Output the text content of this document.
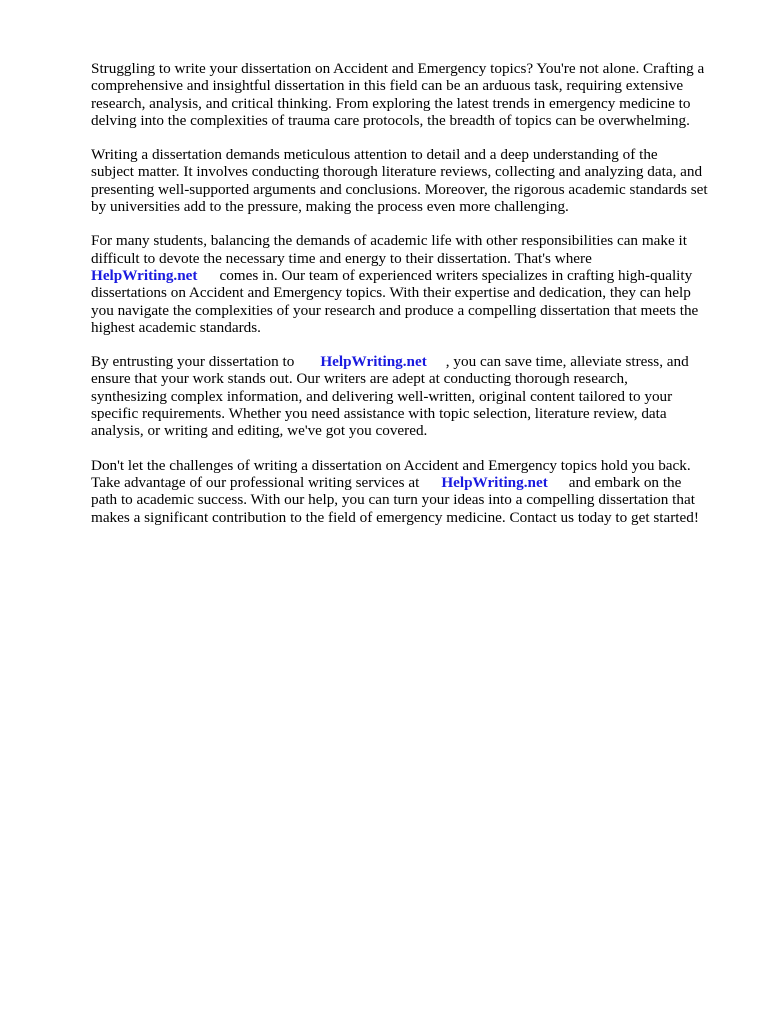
Struggling to write your dissertation on Accident and Emergency topics? You're not alone. Crafting a
comprehensive and insightful dissertation in this field can be an arduous task, requiring extensive
research, analysis, and critical thinking. From exploring the latest trends in emergency medicine to
delving into the complexities of trauma care protocols, the breadth of topics can be overwhelming.

Writing a dissertation demands meticulous attention to detail and a deep understanding of the
subject matter. It involves conducting thorough literature reviews, collecting and analyzing data, and
presenting well-supported arguments and conclusions. Moreover, the rigorous academic standards set
by universities add to the pressure, making the process even more challenging.

For many students, balancing the demands of academic life with other responsibilities can make it
difficult to devote the necessary time and energy to their dissertation. That's where
HelpWriting.net comes in. Our team of experienced writers specializes in crafting high-quality
dissertations on Accident and Emergency topics. With their expertise and dedication, they can help
you navigate the complexities of your research and produce a compelling dissertation that meets the
highest academic standards.

By entrusting your dissertation to HelpWriting.net , you can save time, alleviate stress, and
ensure that your work stands out. Our writers are adept at conducting thorough research,
synthesizing complex information, and delivering well-written, original content tailored to your
specific requirements. Whether you need assistance with topic selection, literature review, data
analysis, or writing and editing, we've got you covered.

Don't let the challenges of writing a dissertation on Accident and Emergency topics hold you back.
Take advantage of our professional writing services at HelpWriting.net and embark on the
path to academic success. With our help, you can turn your ideas into a compelling dissertation that
makes a significant contribution to the field of emergency medicine. Contact us today to get started!
